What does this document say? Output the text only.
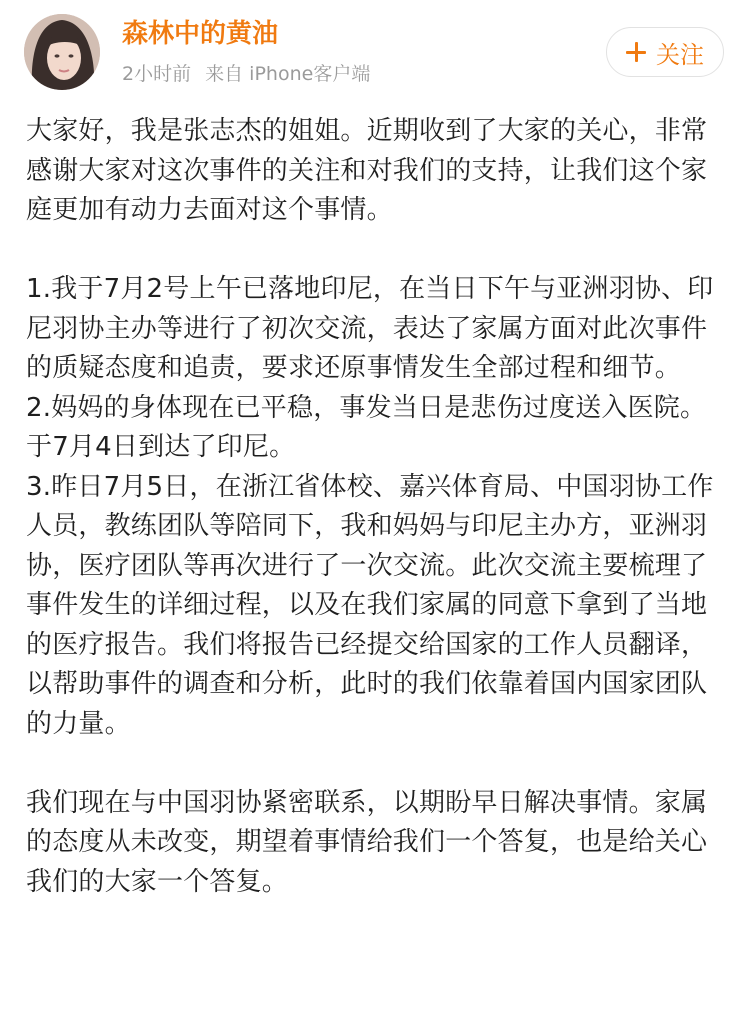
森林中的黄油
2小时前 来自 iPhone客户端
关注

大家好，我是张志杰的姐姐。近期收到了大家的关心，非常感谢大家对这次事件的关注和对我们的支持，让我们这个家庭更加有动力去面对这个事情。

1.我于7月2号上午已落地印尼，在当日下午与亚洲羽协、印尼羽协主办等进行了初次交流，表达了家属方面对此次事件的质疑态度和追责，要求还原事情发生全部过程和细节。

2.妈妈的身体现在已平稳，事发当日是悲伤过度送入医院。于7月4日到达了印尼。

3.昨日7月5日，在浙江省体校、嘉兴体育局、中国羽协工作人员，教练团队等陪同下，我和妈妈与印尼主办方，亚洲羽协，医疗团队等再次进行了一次交流。此次交流主要梳理了事件发生的详细过程，以及在我们家属的同意下拿到了当地的医疗报告。我们将报告已经提交给国家的工作人员翻译，以帮助事件的调查和分析，此时的我们依靠着国内国家团队的力量。

我们现在与中国羽协紧密联系，以期盼早日解决事情。家属的态度从未改变，期望着事情给我们一个答复，也是给关心我们的大家一个答复。
